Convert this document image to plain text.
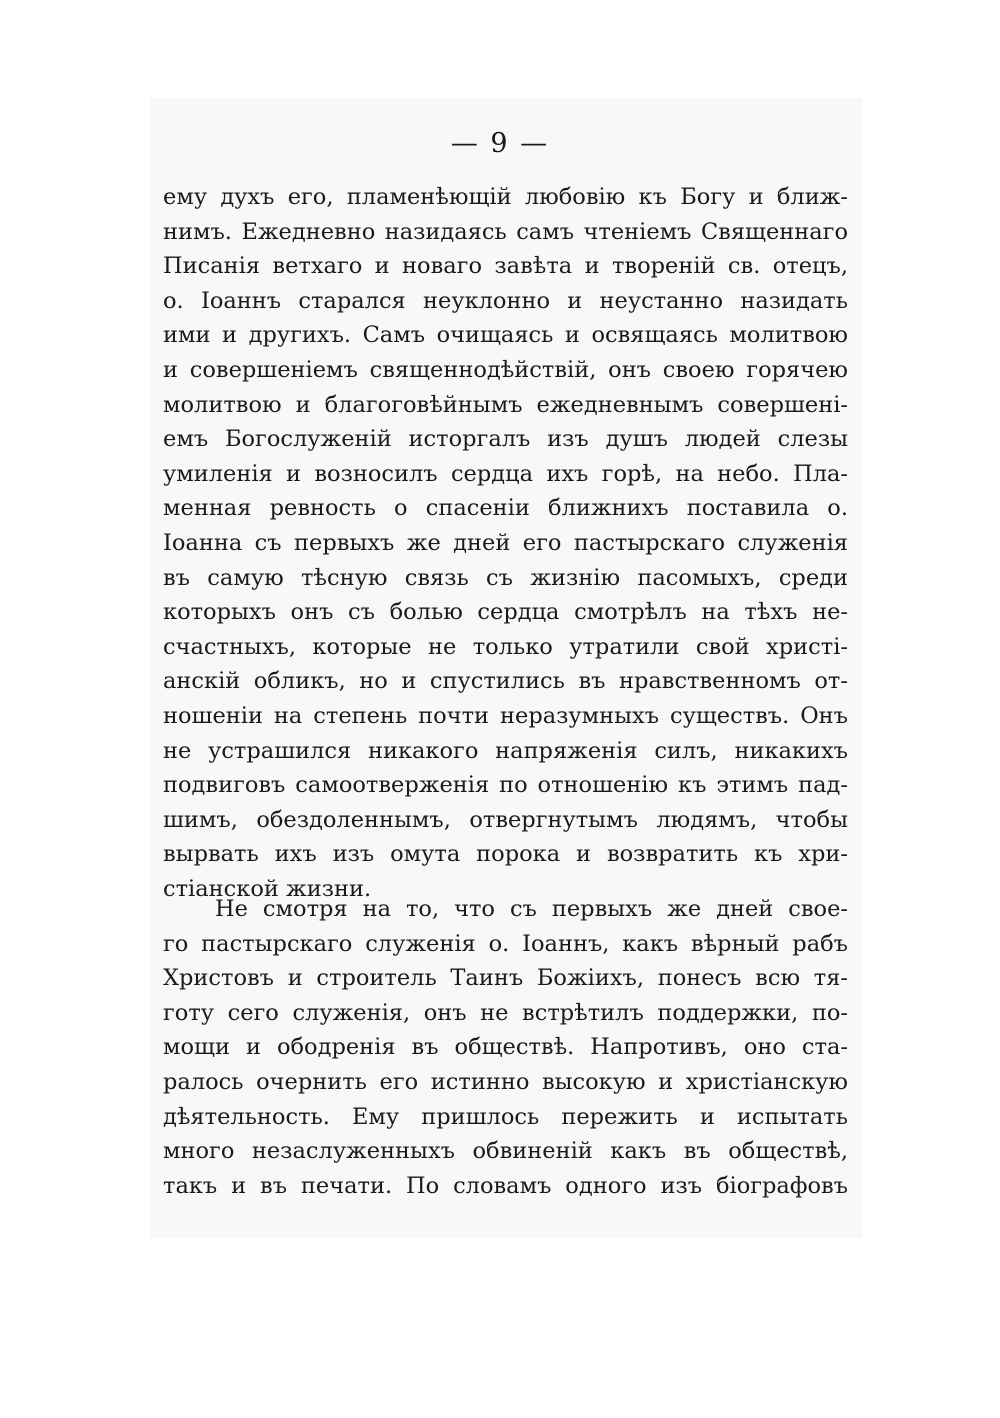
— 9 —
ему духъ его, пламенѣющій любовію къ Богу и ближ-
нимъ. Ежедневно назидаясь самъ чтеніемъ Священнаго
Писанія ветхаго и новаго завѣта и твореній св. отецъ,
о. Іоаннъ старался неуклонно и неустанно назидать
ими и другихъ. Самъ очищаясь и освящаясь молитвою
и совершеніемъ священнодѣйствій, онъ своею горячею
молитвою и благоговѣйнымъ ежедневнымъ совершені-
емъ Богослуженій исторгалъ изъ душъ людей слезы
умиленія и возносилъ сердца ихъ горѣ, на небо. Пла-
менная ревность о спасеніи ближнихъ поставила о.
Іоанна съ первыхъ же дней его пастырскаго служенія
въ самую тѣсную связь съ жизнію пасомыхъ, среди
которыхъ онъ съ болью сердца смотрѣлъ на тѣхъ не-
счастныхъ, которые не только утратили свой христі-
анскій обликъ, но и спустились въ нравственномъ от-
ношеніи на степень почти неразумныхъ существъ. Онъ
не устрашился никакого напряженія силъ, никакихъ
подвиговъ самоотверженія по отношенію къ этимъ пад-
шимъ, обездоленнымъ, отвергнутымъ людямъ, чтобы
вырвать ихъ изъ омута порока и возвратить къ хри-
стіанской жизни.
Не смотря на то, что съ первыхъ же дней свое-
го пастырскаго служенія о. Іоаннъ, какъ вѣрный рабъ
Христовъ и строитель Таинъ Божіихъ, понесъ всю тя-
готу сего служенія, онъ не встрѣтилъ поддержки, по-
мощи и ободренія въ обществѣ. Напротивъ, оно ста-
ралось очернить его истинно высокую и христіанскую
дѣятельность. Ему пришлось пережить и испытать
много незаслуженныхъ обвиненій какъ въ обществѣ,
такъ и въ печати. По словамъ одного изъ біографовъ
